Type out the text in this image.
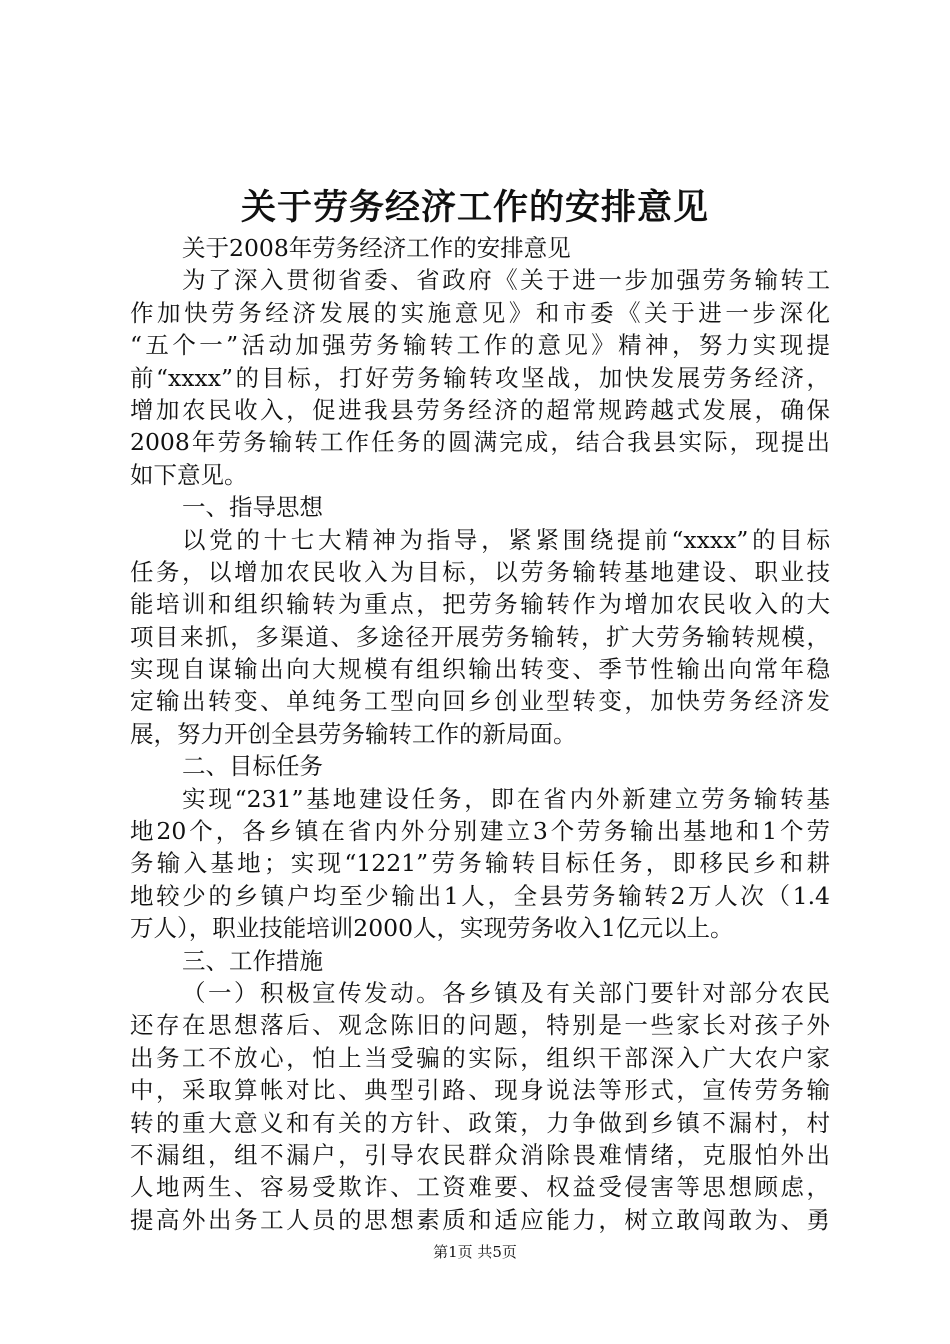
关于劳务经济工作的安排意见
关于2008年劳务经济工作的安排意见
为了深入贯彻省委、省政府《关于进一步加强劳务输转工
作加快劳务经济发展的实施意见》和市委《关于进一步深化
“五个一”活动加强劳务输转工作的意见》精神，努力实现提
前“xxxx”的目标，打好劳务输转攻坚战，加快发展劳务经济，
增加农民收入，促进我县劳务经济的超常规跨越式发展，确保
2008年劳务输转工作任务的圆满完成，结合我县实际，现提出
如下意见。
一、指导思想
以党的十七大精神为指导，紧紧围绕提前“xxxx”的目标
任务，以增加农民收入为目标，以劳务输转基地建设、职业技
能培训和组织输转为重点，把劳务输转作为增加农民收入的大
项目来抓，多渠道、多途径开展劳务输转，扩大劳务输转规模，
实现自谋输出向大规模有组织输出转变、季节性输出向常年稳
定输出转变、单纯务工型向回乡创业型转变，加快劳务经济发
展，努力开创全县劳务输转工作的新局面。
二、目标任务
实现“231”基地建设任务，即在省内外新建立劳务输转基
地20个，各乡镇在省内外分别建立3个劳务输出基地和1个劳
务输入基地；实现“1221”劳务输转目标任务，即移民乡和耕
地较少的乡镇户均至少输出1人，全县劳务输转2万人次（1.4
万人），职业技能培训2000人，实现劳务收入1亿元以上。
三、工作措施
（一）积极宣传发动。各乡镇及有关部门要针对部分农民
还存在思想落后、观念陈旧的问题，特别是一些家长对孩子外
出务工不放心，怕上当受骗的实际，组织干部深入广大农户家
中，采取算帐对比、典型引路、现身说法等形式，宣传劳务输
转的重大意义和有关的方针、政策，力争做到乡镇不漏村，村
不漏组，组不漏户，引导农民群众消除畏难情绪，克服怕外出
人地两生、容易受欺诈、工资难要、权益受侵害等思想顾虑，
提高外出务工人员的思想素质和适应能力，树立敢闯敢为、勇
第1页 共5页
